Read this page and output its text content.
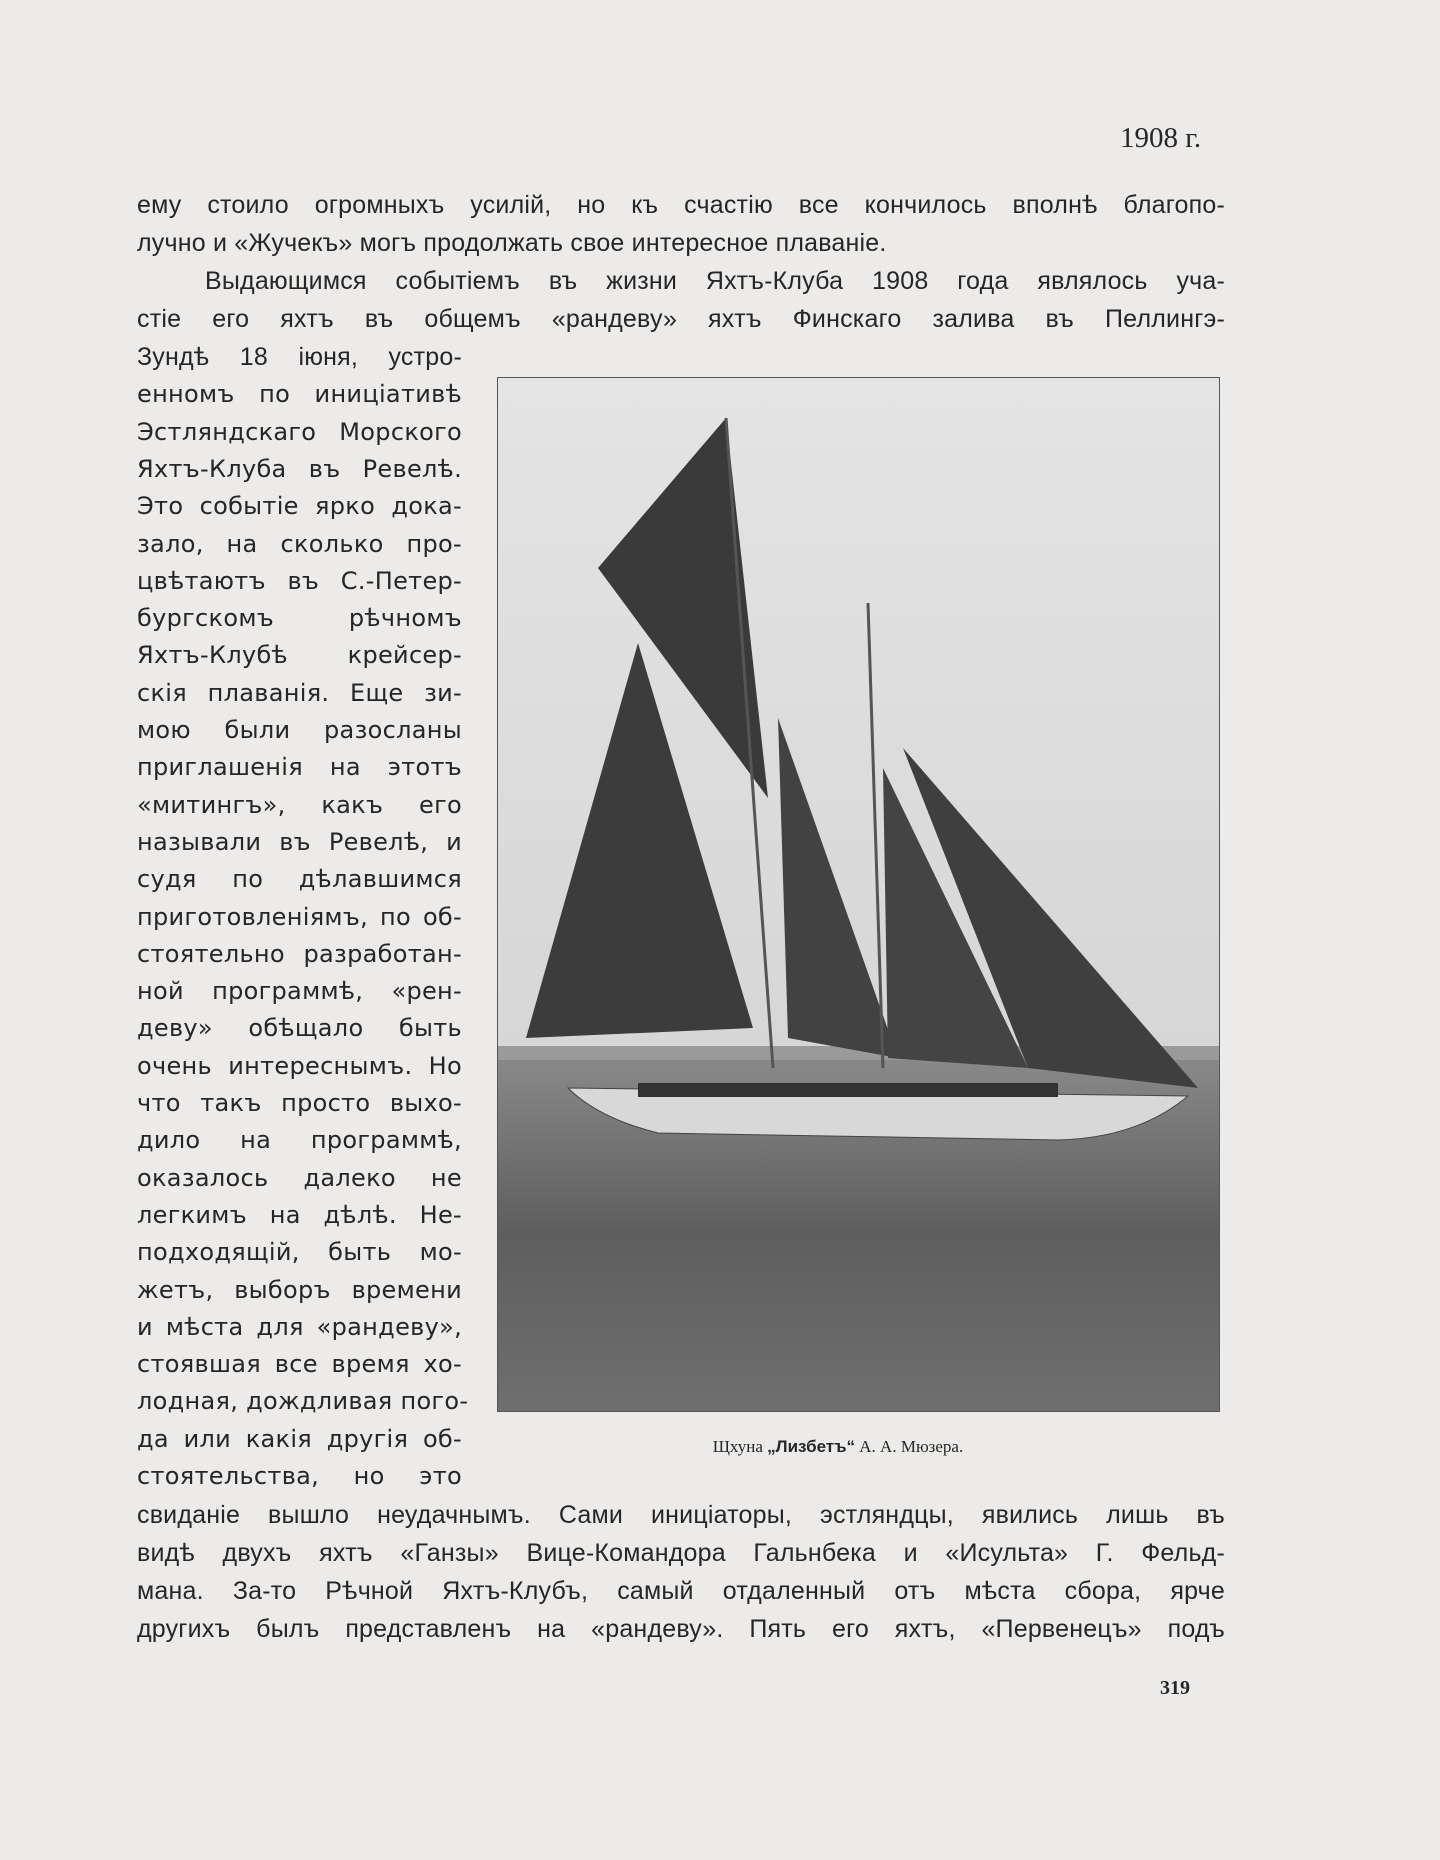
1908 г.
ему стоило огромныхъ усилій, но къ счастію все кончилось вполнѣ благопо-
лучно и «Жучекъ» могъ продолжать свое интересное плаваніе.
Выдающимся событіемъ въ жизни Яхтъ-Клуба 1908 года являлось уча-
стіе его яхтъ въ общемъ «рандеву» яхтъ Финскаго залива въ Пеллингэ-
Зундѣ 18 іюня, устро-
енномъ по иниціативѣ
Эстляндскаго Морского
Яхтъ-Клуба въ Ревелѣ.
Это событіе ярко дока-
зало, на сколько про-
цвѣтаютъ въ С.-Петер-
бургскомъ рѣчномъ
Яхтъ-Клубѣ крейсер-
скія плаванія. Еще зи-
мою были разосланы
приглашенія на этотъ
«митингъ», какъ его
называли въ Ревелѣ, и
судя по дѣлавшимся
приготовленіямъ, по об-
стоятельно разработан-
ной программѣ, «рен-
деву» обѣщало быть
очень интереснымъ. Но
что такъ просто выхо-
дило на программѣ,
оказалось далеко не
легкимъ на дѣлѣ. Не-
подходящій, быть мо-
жетъ, выборъ времени
и мѣста для «рандеву»,
стоявшая все время хо-
лодная, дождливая пого-
да или какія другія об-
стоятельства, но это
Щхуна „Лизбетъ“ А. А. Мюзера.
свиданіе вышло неудачнымъ. Сами иниціаторы, эстляндцы, явились лишь въ
видѣ двухъ яхтъ «Ганзы» Вице-Командора Гальнбека и «Исульта» Г. Фельд-
мана. За-то Рѣчной Яхтъ-Клубъ, самый отдаленный отъ мѣста сбора, ярче
другихъ былъ представленъ на «рандеву». Пять его яхтъ, «Первенецъ» подъ
319
